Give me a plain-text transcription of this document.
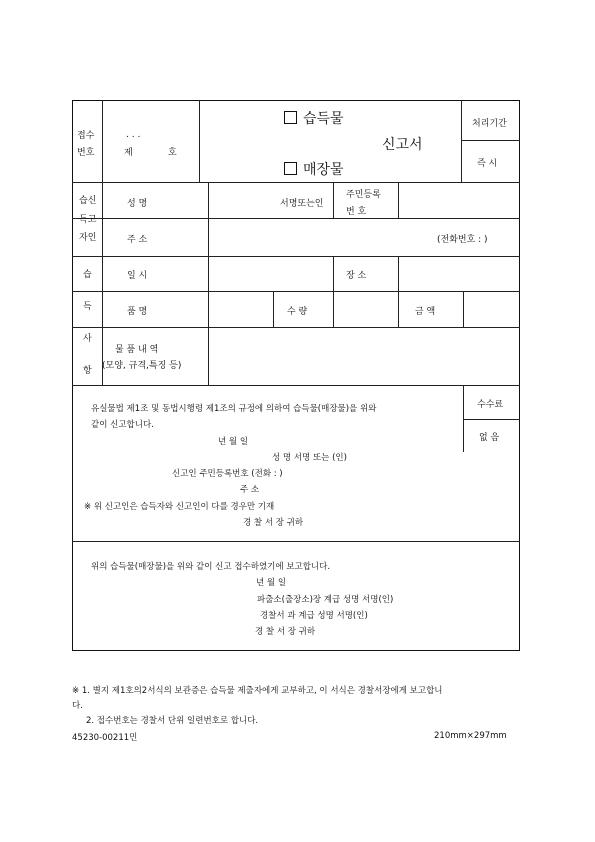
접수
번호
. . .
제	호
습득물
매장물
신고서
처리기간
즉 시
습신
득고
자인
성 명	서명또는인
주민등록
번 호
주 소	(전화번호 : )
습
득
사
항
일 시	장 소
품 명	수 량	금 액
물 품 내 역
(모양, 규격,특징 등)
유실물법 제1조 및 동법시행령 제1조의 규정에 의하여 습득물(매장물)을 위와
같이 신고합니다.
년 월 일
성 명 서명 또는 (인)
신고인 주민등록번호 (전화 : )
주 소
※ 위 신고인은 습득자와 신고인이 다를 경우만 기재
경 찰 서 장 귀하
수수료
없 음
위의 습득물(매장물)을 위와 같이 신고 접수하였기에 보고합니다.
년 월 일
파출소(출장소)장 계급 성명 서명(인)
경찰서 과 계급 성명 서명(인)
경 찰 서 장 귀하
※ 1. 별지 제1호의2서식의 보관증은 습득물 제출자에게 교부하고, 이 서식은 경찰서장에게 보고합니
다.
2. 접수번호는 경찰서 단위 일련번호로 합니다.
45230-00211민	210mm×297mm
